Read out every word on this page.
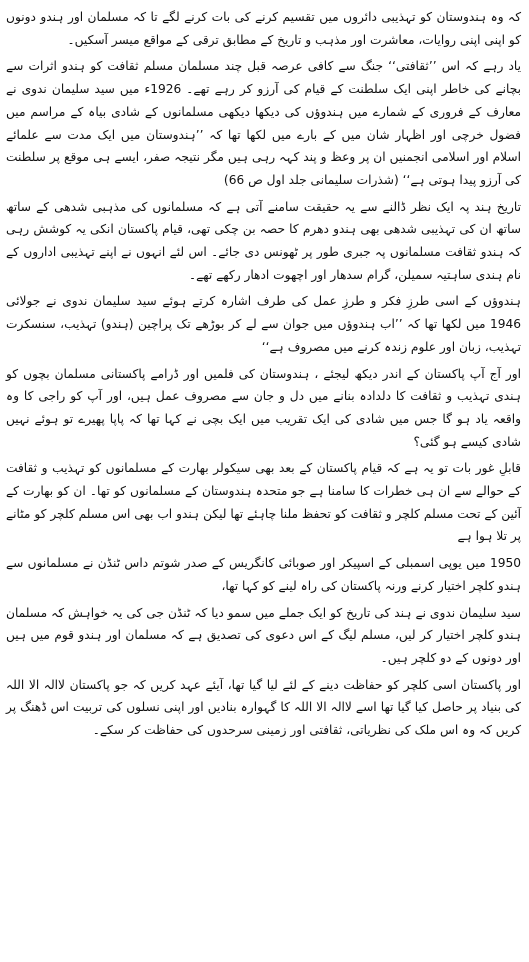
کہ وہ ہندوستان کو تہذیبی دائروں میں تقسیم کرنے کی بات کرنے لگے تا کہ مسلمان اور ہندو دونوں کو اپنی اپنی روایات، معاشرت اور مذہب و تاریخ کے مطابق ترقی کے مواقع میسر آسکیں۔

یاد رہے کہ اس ’’ثقافتی‘‘ جنگ سے کافی عرصہ قبل چند مسلمان مسلم ثقافت کو ہندو اثرات سے بچانے کی خاطر اپنی ایک سلطنت کے قیام کی آرزو کر رہے تھے۔ 1926ء میں سید سلیمان ندوی نے معارف کے فروری کے شمارے میں ہندوؤں کی دیکھا دیکھی مسلمانوں کے شادی بیاہ کے مراسم میں فضول خرچی اور اظہار شان میں کے بارے میں لکھا تھا کہ ’’ہندوستان میں ایک مدت سے علمائے اسلام اور اسلامی انجمنیں ان پر وعظ و پند کہہ رہی ہیں مگر نتیجہ صفر، ایسے ہی موقع پر سلطنت کی آرزو پیدا ہوتی ہے‘‘ (شذرات سلیمانی جلد اول ص 66)

تاریخ ہند پہ ایک نظر ڈالنے سے یہ حقیقت سامنے آتی ہے کہ مسلمانوں کی مذہبی شدھی کے ساتھ ساتھ ان کی تہذیبی شدھی بھی ہندو دھرم کا حصہ بن چکی تھی، قیام پاکستان انکی یہ کوشش رہی کہ ہندو ثقافت مسلمانوں پہ جبری طور پر ٹھونس دی جائے۔ اس لئے انہوں نے اپنے تہذیبی اداروں کے نام ہندی ساہتیہ سمیلن، گرام سدھار اور اچھوت ادھار رکھے تھے۔

ہندوؤں کے اسی طرزِ فکر و طرزِ عمل کی طرف اشارہ کرتے ہوئے سید سلیمان ندوی نے جولائی 1946 میں لکھا تھا کہ ’’اب ہندوؤں میں جوان سے لے کر بوڑھے تک پراچین (ہندو) تہذیب، سنسکرت تہذیب، زبان اور علوم زندہ کرنے میں مصروف ہے‘‘

اور آج آپ پاکستان کے اندر دیکھ لیجئے ، ہندوستان کی فلمیں اور ڈرامے پاکستانی مسلمان بچوں کو ہندی تہذیب و ثقافت کا دلدادہ بنانے میں دل و جان سے مصروف عمل ہیں، اور آپ کو راجی کا وہ واقعہ یاد ہو گا جس میں شادی کی ایک تقریب میں ایک بچی نے کہا تھا کہ پاپا پھیرے تو ہوئے نہیں شادی کیسے ہو گئی؟

قابلِ غور بات تو یہ ہے کہ قیام پاکستان کے بعد بھی سیکولر بھارت کے مسلمانوں کو تہذیب و ثقافت کے حوالے سے ان ہی خطرات کا سامنا ہے جو متحدہ ہندوستان کے مسلمانوں کو تھا۔ ان کو بھارت کے آئین کے تحت مسلم کلچر و ثقافت کو تحفظ ملنا چاہئے تھا لیکن ہندو اب بھی اس مسلم کلچر کو مٹانے پر تلا ہوا ہے

1950 میں یوپی اسمبلی کے اسپیکر اور صوبائی کانگریس کے صدر شوتم داس ٹنڈن نے مسلمانوں سے ہندو کلچر اختیار کرنے ورنہ پاکستان کی راہ لینے کو کہا تھا،

سید سلیمان ندوی نے ہند کی تاریخ کو ایک جملے میں سمو دیا کہ ٹنڈن جی کی یہ خواہش کہ مسلمان ہندو کلچر اختیار کر لیں، مسلم لیگ کے اس دعوی کی تصدیق ہے کہ مسلمان اور ہندو قوم میں ہیں اور دونوں کے دو کلچر ہیں۔

اور پاکستان اسی کلچر کو حفاظت دینے کے لئے لیا گیا تھا، آیئے عہد کریں کہ جو پاکستان لاالہ الا اللہ کی بنیاد پر حاصل کیا گیا تھا اسے لاالہ الا اللہ کا گہوارہ بنادیں اور اپنی نسلوں کی تربیت اس ڈھنگ پر کریں کہ وہ اس ملک کی نظریاتی، ثقافتی اور زمینی سرحدوں کی حفاظت کر سکے۔
